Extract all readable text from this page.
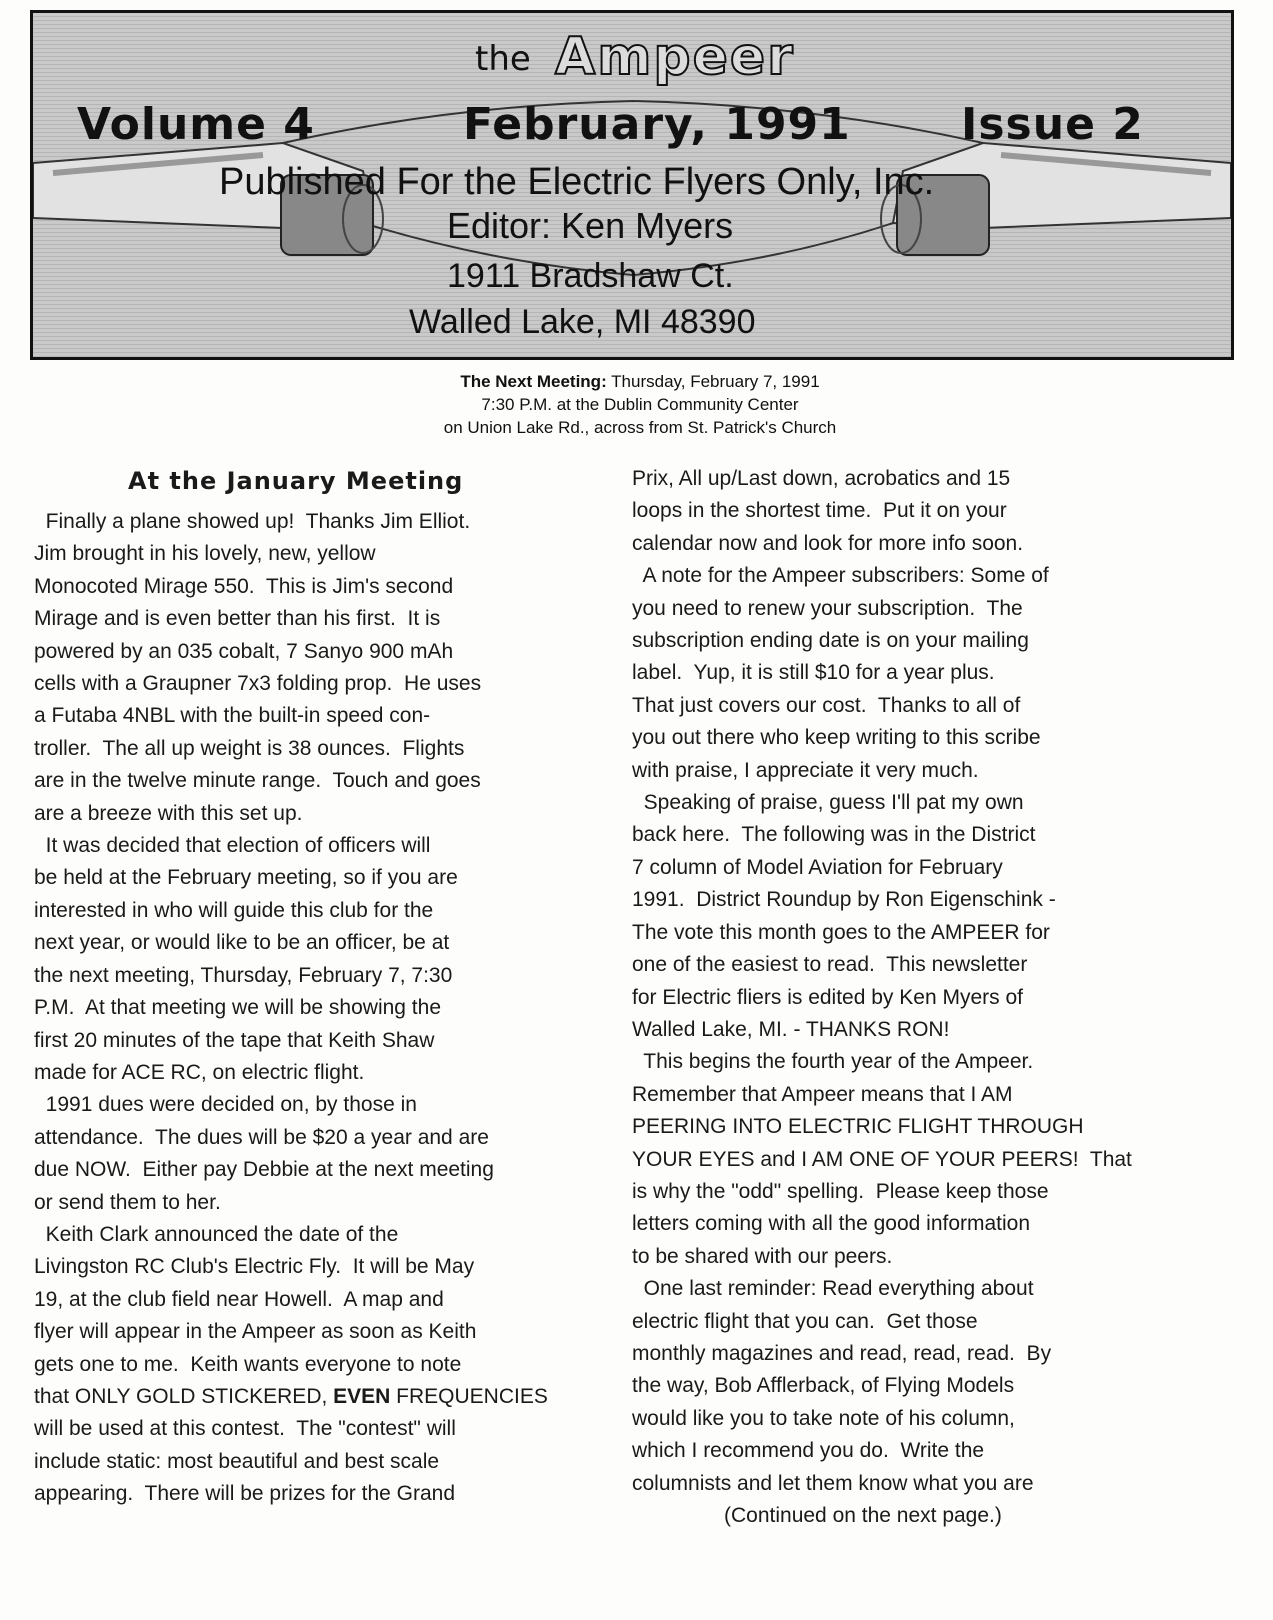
the Ampeer
Volume 4	February, 1991	Issue 2
Published For the Electric Flyers Only, Inc.
Editor: Ken Myers
1911 Bradshaw Ct.
Walled Lake, MI 48390

The Next Meeting: Thursday, February 7, 1991

7:30 P.M. at the Dublin Community Center

on Union Lake Rd., across from St. Patrick's Church

At the January Meeting

Finally a plane showed up!  Thanks Jim Elliot.

Jim brought in his lovely, new, yellow

Monocoted Mirage 550.  This is Jim's second

Mirage and is even better than his first.  It is

powered by an 035 cobalt, 7 Sanyo 900 mAh

cells with a Graupner 7x3 folding prop.  He uses

a Futaba 4NBL with the built-in speed con-

troller.  The all up weight is 38 ounces.  Flights

are in the twelve minute range.  Touch and goes

are a breeze with this set up.

It was decided that election of officers will

be held at the February meeting, so if you are

interested in who will guide this club for the

next year, or would like to be an officer, be at

the next meeting, Thursday, February 7, 7:30

P.M.  At that meeting we will be showing the

first 20 minutes of the tape that Keith Shaw

made for ACE RC, on electric flight.

1991 dues were decided on, by those in

attendance.  The dues will be $20 a year and are

due NOW.  Either pay Debbie at the next meeting

or send them to her.

Keith Clark announced the date of the

Livingston RC Club's Electric Fly.  It will be May

19, at the club field near Howell.  A map and

flyer will appear in the Ampeer as soon as Keith

gets one to me.  Keith wants everyone to note

that ONLY GOLD STICKERED, EVEN FREQUENCIES

will be used at this contest.  The "contest" will

include static: most beautiful and best scale

appearing.  There will be prizes for the Grand

Prix, All up/Last down, acrobatics and 15

loops in the shortest time.  Put it on your

calendar now and look for more info soon.

A note for the Ampeer subscribers: Some of

you need to renew your subscription.  The

subscription ending date is on your mailing

label.  Yup, it is still $10 for a year plus.

That just covers our cost.  Thanks to all of

you out there who keep writing to this scribe

with praise, I appreciate it very much.

Speaking of praise, guess I'll pat my own

back here.  The following was in the District

7 column of Model Aviation for February

1991.  District Roundup by Ron Eigenschink -

The vote this month goes to the AMPEER for

one of the easiest to read.  This newsletter

for Electric fliers is edited by Ken Myers of

Walled Lake, MI. - THANKS RON!

This begins the fourth year of the Ampeer.

Remember that Ampeer means that I AM

PEERING INTO ELECTRIC FLIGHT THROUGH

YOUR EYES and I AM ONE OF YOUR PEERS!  That

is why the "odd" spelling.  Please keep those

letters coming with all the good information

to be shared with our peers.

One last reminder: Read everything about

electric flight that you can.  Get those

monthly magazines and read, read, read.  By

the way, Bob Afflerback, of Flying Models

would like you to take note of his column,

which I recommend you do.  Write the

columnists and let them know what you are

(Continued on the next page.)
